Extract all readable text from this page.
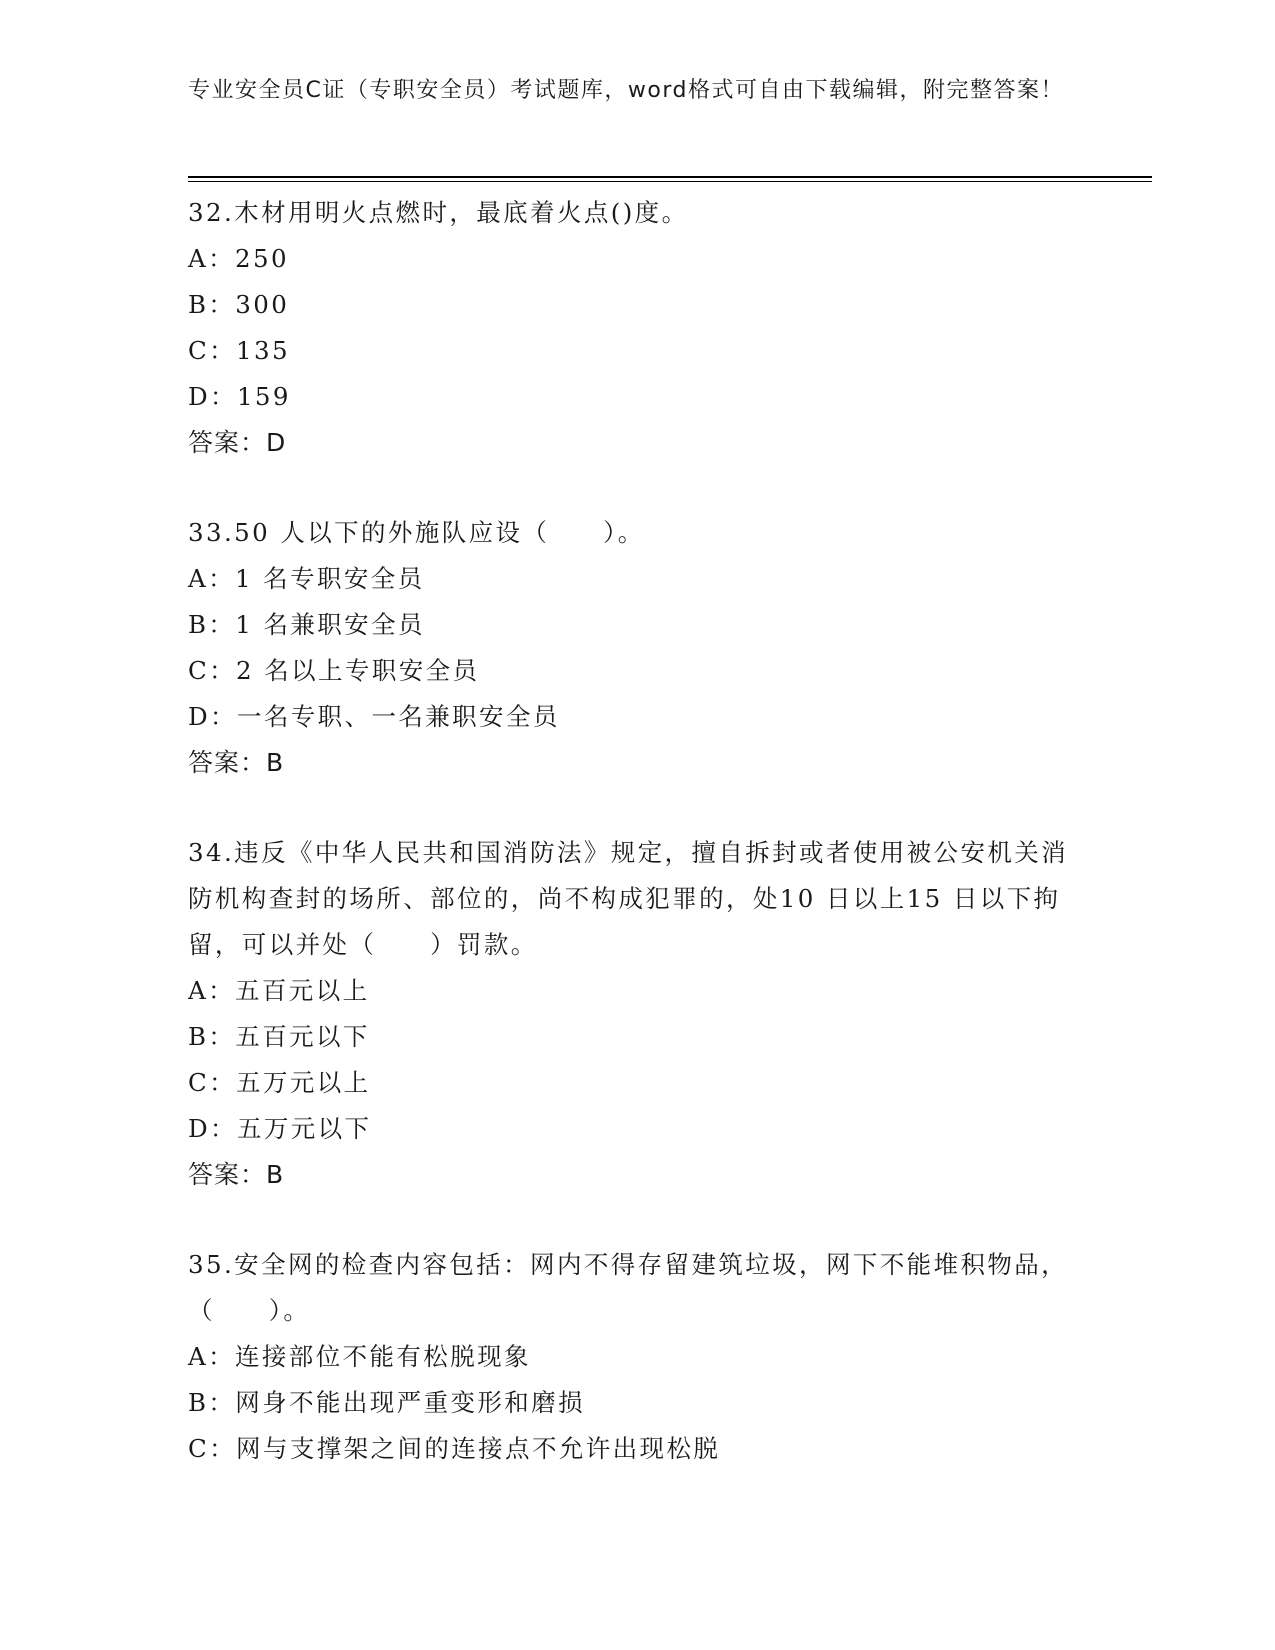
专业安全员C证（专职安全员）考试题库，word格式可自由下载编辑，附完整答案！
32.木材用明火点燃时，最底着火点()度。
A：250
B：300
C：135
D：159
答案：D
33.50 人以下的外施队应设（　　）。
A：1 名专职安全员
B：1 名兼职安全员
C：2 名以上专职安全员
D：一名专职、一名兼职安全员
答案：B
34.违反《中华人民共和国消防法》规定，擅自拆封或者使用被公安机关消防机构查封的场所、部位的，尚不构成犯罪的，处10 日以上15 日以下拘留，可以并处（　　）罚款。
A：五百元以上
B：五百元以下
C：五万元以上
D：五万元以下
答案：B
35.安全网的检查内容包括：网内不得存留建筑垃圾，网下不能堆积物品，（　　）。
A：连接部位不能有松脱现象
B：网身不能出现严重变形和磨损
C：网与支撑架之间的连接点不允许出现松脱
